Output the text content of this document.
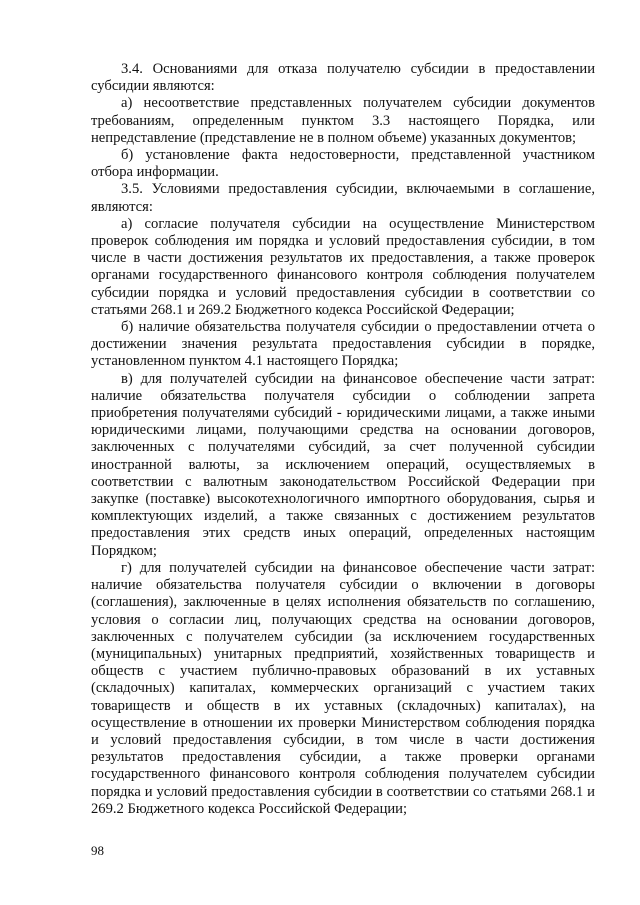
3.4. Основаниями для отказа получателю субсидии в предоставлении субсидии являются:

а) несоответствие представленных получателем субсидии документов требованиям, определенным пунктом 3.3 настоящего Порядка, или непредставление (представление не в полном объеме) указанных документов;

б) установление факта недостоверности, представленной участником отбора информации.

3.5. Условиями предоставления субсидии, включаемыми в соглашение, являются:

а) согласие получателя субсидии на осуществление Министерством проверок соблюдения им порядка и условий предоставления субсидии, в том числе в части достижения результатов их предоставления, а также проверок органами государственного финансового контроля соблюдения получателем субсидии порядка и условий предоставления субсидии в соответствии со статьями 268.1 и 269.2 Бюджетного кодекса Российской Федерации;

б) наличие обязательства получателя субсидии о предоставлении отчета о достижении значения результата предоставления субсидии в порядке, установленном пунктом 4.1 настоящего Порядка;

в) для получателей субсидии на финансовое обеспечение части затрат: наличие обязательства получателя субсидии о соблюдении запрета приобретения получателями субсидий - юридическими лицами, а также иными юридическими лицами, получающими средства на основании договоров, заключенных с получателями субсидий, за счет полученной субсидии иностранной валюты, за исключением операций, осуществляемых в соответствии с валютным законодательством Российской Федерации при закупке (поставке) высокотехнологичного импортного оборудования, сырья и комплектующих изделий, а также связанных с достижением результатов предоставления этих средств иных операций, определенных настоящим Порядком;

г) для получателей субсидии на финансовое обеспечение части затрат: наличие обязательства получателя субсидии о включении в договоры (соглашения), заключенные в целях исполнения обязательств по соглашению, условия о согласии лиц, получающих средства на основании договоров, заключенных с получателем субсидии (за исключением государственных (муниципальных) унитарных предприятий, хозяйственных товариществ и обществ с участием публично-правовых образований в их уставных (складочных) капиталах, коммерческих организаций с участием таких товариществ и обществ в их уставных (складочных) капиталах), на осуществление в отношении их проверки Министерством соблюдения порядка и условий предоставления субсидии, в том числе в части достижения результатов предоставления субсидии, а также проверки органами государственного финансового контроля соблюдения получателем субсидии порядка и условий предоставления субсидии в соответствии со статьями 268.1 и 269.2 Бюджетного кодекса Российской Федерации;

98
